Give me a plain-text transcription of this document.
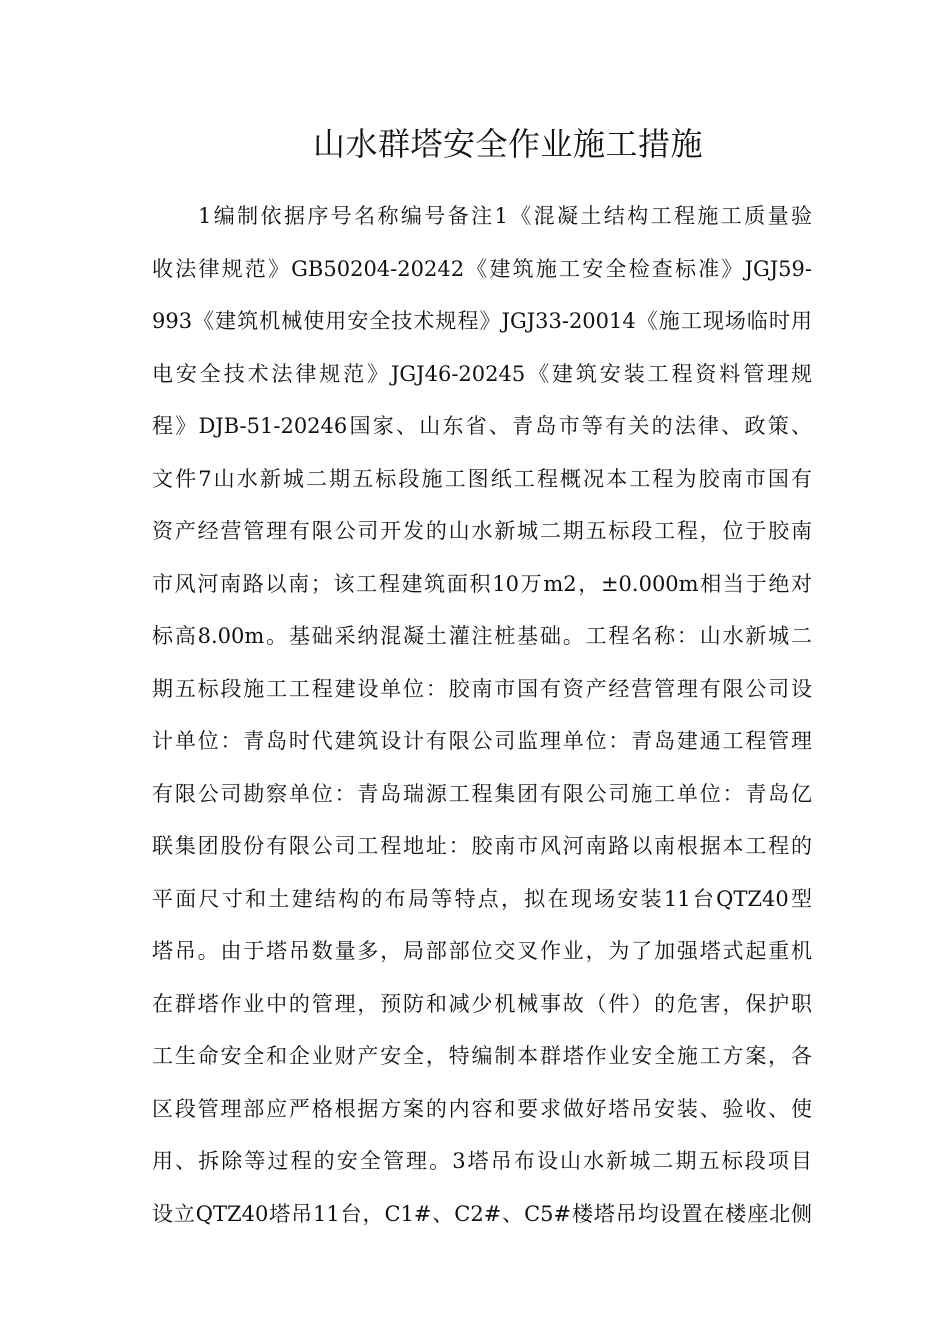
山水群塔安全作业施工措施
1编制依据序号名称编号备注1《混凝土结构工程施工质量验
收法律规范》GB50204-20242《建筑施工安全检查标准》JGJ59-
993《建筑机械使用安全技术规程》JGJ33-20014《施工现场临时用
电安全技术法律规范》JGJ46-20245《建筑安装工程资料管理规
程》DJB-51-20246国家、山东省、青岛市等有关的法律、政策、
文件7山水新城二期五标段施工图纸工程概况本工程为胶南市国有
资产经营管理有限公司开发的山水新城二期五标段工程，位于胶南
市风河南路以南；该工程建筑面积10万m2，±0.000m相当于绝对
标高8.00m。基础采纳混凝土灌注桩基础。工程名称：山水新城二
期五标段施工工程建设单位：胶南市国有资产经营管理有限公司设
计单位：青岛时代建筑设计有限公司监理单位：青岛建通工程管理
有限公司勘察单位：青岛瑞源工程集团有限公司施工单位：青岛亿
联集团股份有限公司工程地址：胶南市风河南路以南根据本工程的
平面尺寸和土建结构的布局等特点，拟在现场安装11台QTZ40型
塔吊。由于塔吊数量多，局部部位交叉作业，为了加强塔式起重机
在群塔作业中的管理，预防和减少机械事故（件）的危害，保护职
工生命安全和企业财产安全，特编制本群塔作业安全施工方案，各
区段管理部应严格根据方案的内容和要求做好塔吊安装、验收、使
用、拆除等过程的安全管理。3塔吊布设山水新城二期五标段项目
设立QTZ40塔吊11台，C1#、C2#、C5#楼塔吊均设置在楼座北侧
